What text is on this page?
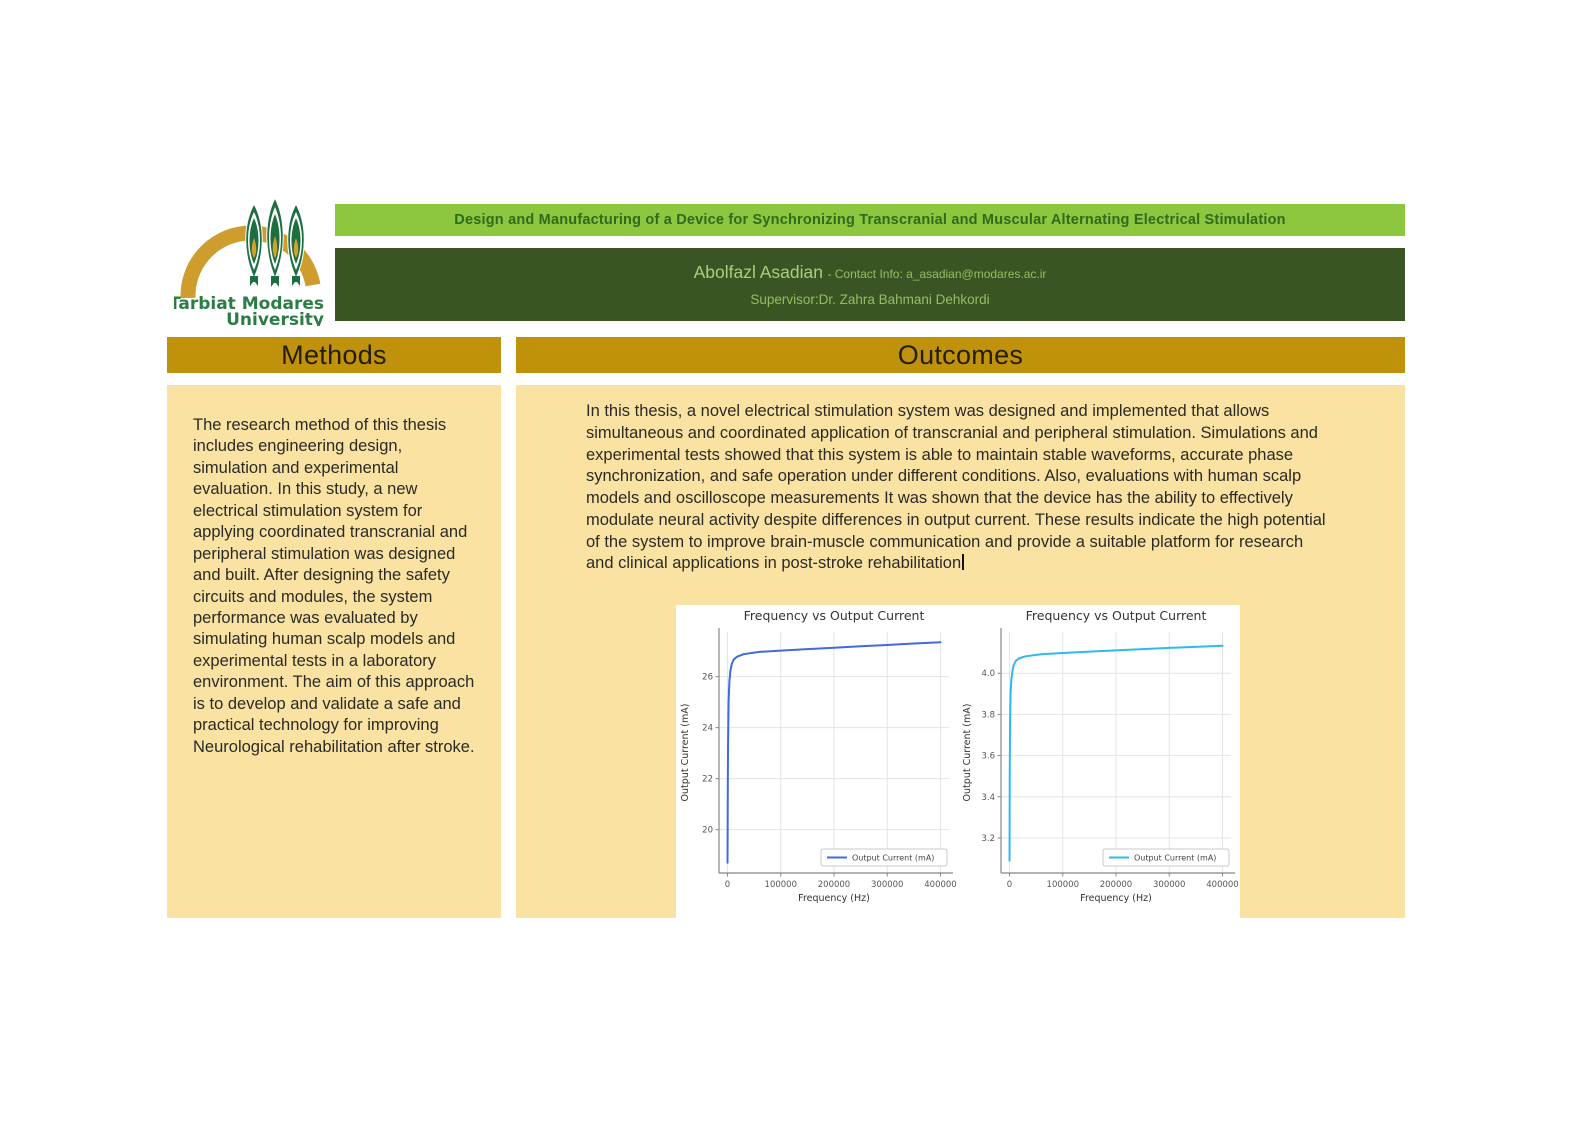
Tarbiat Modares
University
Design and Manufacturing of a Device for Synchronizing Transcranial and Muscular Alternating Electrical Stimulation
Abolfazl Asadian - Contact Info: a_asadian@modares.ac.ir
Supervisor:Dr. Zahra Bahmani Dehkordi
Methods	Outcomes
The research method of this thesis includes engineering design, simulation and experimental evaluation. In this study, a new electrical stimulation system for applying coordinated transcranial and peripheral stimulation was designed and built. After designing the safety circuits and modules, the system performance was evaluated by simulating human scalp models and experimental tests in a laboratory environment. The aim of this approach is to develop and validate a safe and practical technology for improving Neurological rehabilitation after stroke.
In this thesis, a novel electrical stimulation system was designed and implemented that allows simultaneous and coordinated application of transcranial and peripheral stimulation. Simulations and experimental tests showed that this system is able to maintain stable waveforms, accurate phase synchronization, and safe operation under different conditions. Also, evaluations with human scalp models and oscilloscope measurements It was shown that the device has the ability to effectively modulate neural activity despite differences in output current. These results indicate the high potential of the system to improve brain-muscle communication and provide a suitable platform for research and clinical applications in post-stroke rehabilitation
0	100000 200000 300000 400000
20
22
24
26
Frequency (Hz)
Output Current (mA)
Frequency vs Output Current
Output Current (mA)
0	100000 200000 300000 400000
3.2
3.4
3.6
3.8
4.0
Frequency (Hz)
Output Current (mA)
Frequency vs Output Current
Output Current (mA)
